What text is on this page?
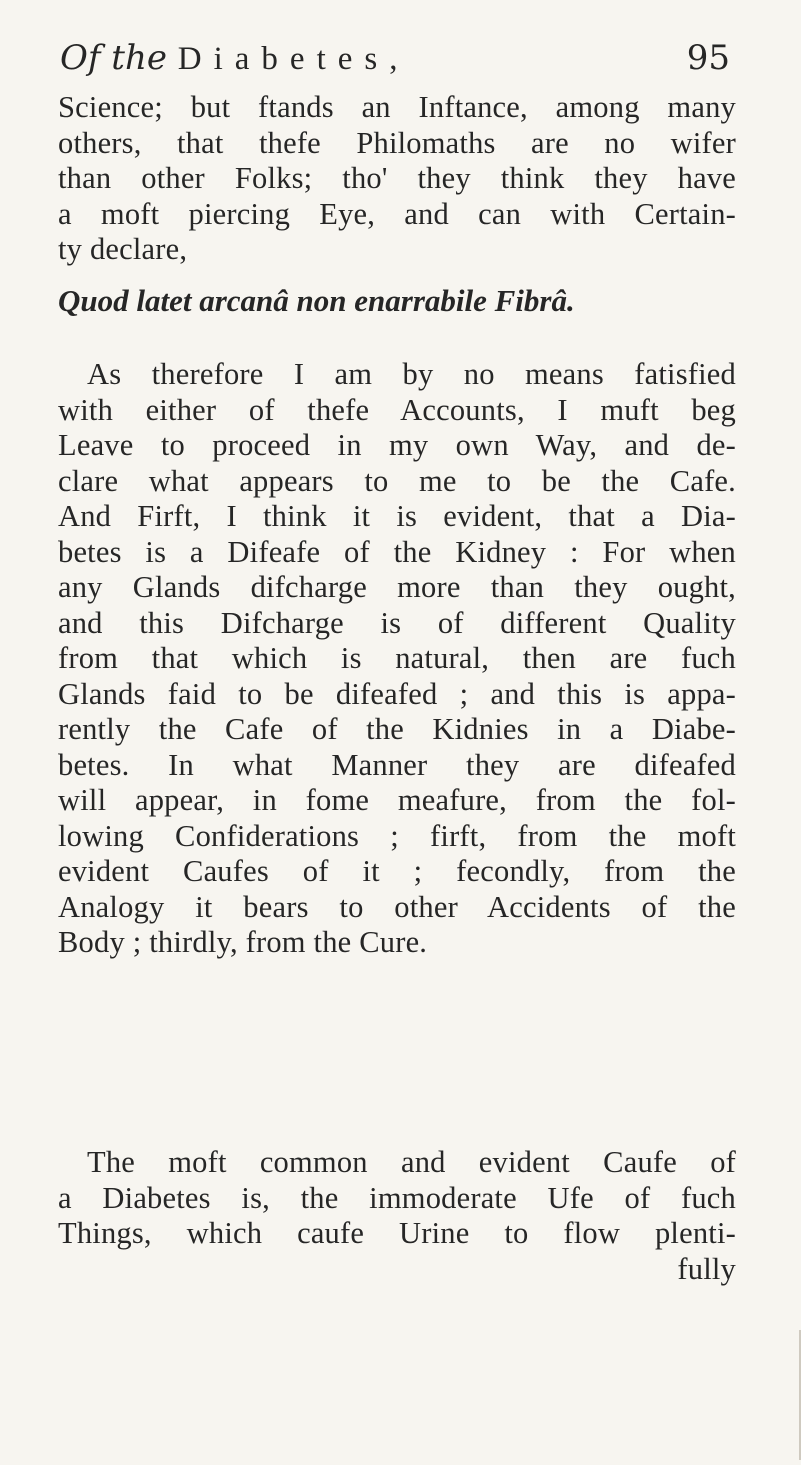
Of the Diabetes,	95
Science; but ftands an Inftance, among many
others, that thefe Philomaths are no wifer
than other Folks; tho' they think they have
a moft piercing Eye, and can with Certain-
ty declare,
Quod latet arcanâ non enarrabile Fibrâ.
As therefore I am by no means fatisfied
with either of thefe Accounts, I muft beg
Leave to proceed in my own Way, and de-
clare what appears to me to be the Cafe.
And Firft, I think it is evident, that a Dia-
betes is a Difeafe of the Kidney : For when
any Glands difcharge more than they ought,
and this Difcharge is of different Quality
from that which is natural, then are fuch
Glands faid to be difeafed ; and this is appa-
rently the Cafe of the Kidnies in a Diabe-
betes. In what Manner they are difeafed
will appear, in fome meafure, from the fol-
lowing Confiderations ; firft, from the moft
evident Caufes of it ; fecondly, from the
Analogy it bears to other Accidents of the
Body ; thirdly, from the Cure.
The moft common and evident Caufe of
a Diabetes is, the immoderate Ufe of fuch
Things, which caufe Urine to flow plenti-
fully
